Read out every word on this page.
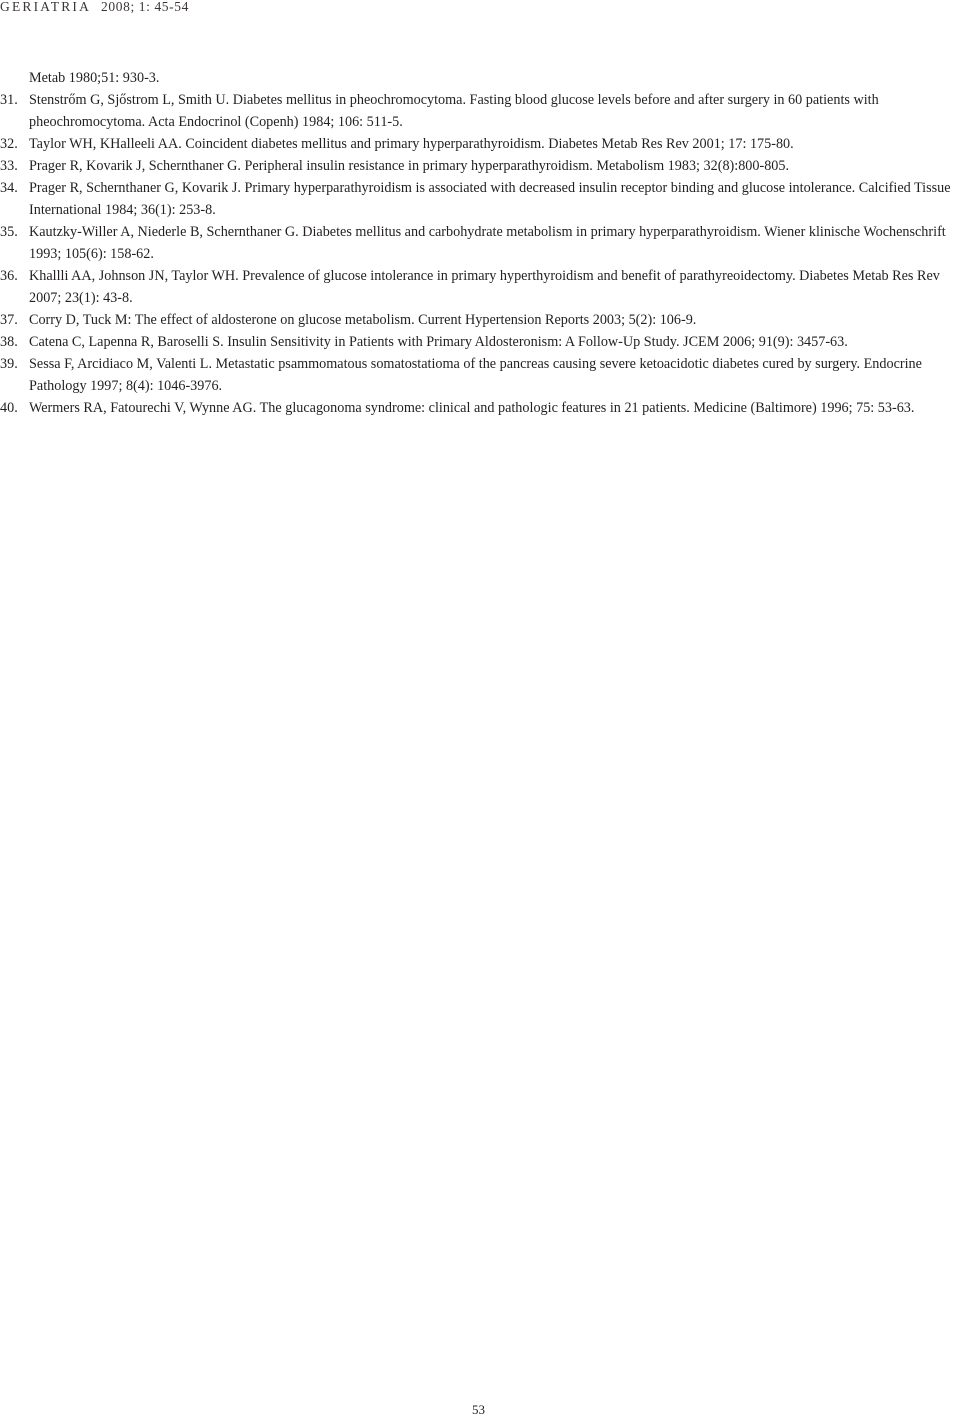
GERIATRIA 2008; 1: 45-54
Metab 1980;51: 930-3.
31. Stenstrőm G, Sjőstrom L, Smith U. Diabetes mellitus in pheochromocytoma. Fasting blood glucose levels before and after surgery in 60 patients with pheochromocytoma. Acta Endocrinol (Copenh) 1984; 106: 511-5.
32. Taylor WH, KHalleeli AA. Coincident diabetes mellitus and primary hyperparathyroidism. Diabetes Metab Res Rev 2001; 17: 175-80.
33. Prager R, Kovarik J, Schernthaner G. Peripheral insulin resistance in primary hyperparathyroidism. Metabolism 1983; 32(8):800-805.
34. Prager R, Schernthaner G, Kovarik J. Primary hyperparathyroidism is associated with decreased insulin receptor binding and glucose intolerance. Calcified Tissue International 1984; 36(1): 253-8.
35. Kautzky-Willer A, Niederle B, Schernthaner G. Diabetes mellitus and carbohydrate metabolism in primary hyperparathyroidism. Wiener klinische Wochenschrift 1993; 105(6): 158-62.
36. Khallli AA, Johnson JN, Taylor WH. Prevalence of glucose intolerance in primary hyperthyroidism and benefit of parathyreoidectomy. Diabetes Metab Res Rev 2007; 23(1): 43-8.
37. Corry D, Tuck M: The effect of aldosterone on glucose metabolism. Current Hypertension Reports 2003; 5(2): 106-9.
38. Catena C, Lapenna R, Baroselli S. Insulin Sensitivity in Patients with Primary Aldosteronism: A Follow-Up Study. JCEM 2006; 91(9): 3457-63.
39. Sessa F, Arcidiaco M, Valenti L. Metastatic psammomatous somatostatioma of the pancreas causing severe ketoacidotic diabetes cured by surgery. Endocrine Pathology 1997; 8(4): 1046-3976.
40. Wermers RA, Fatourechi V, Wynne AG. The glucagonoma syndrome: clinical and pathologic features in 21 patients. Medicine (Baltimore) 1996; 75: 53-63.
53
